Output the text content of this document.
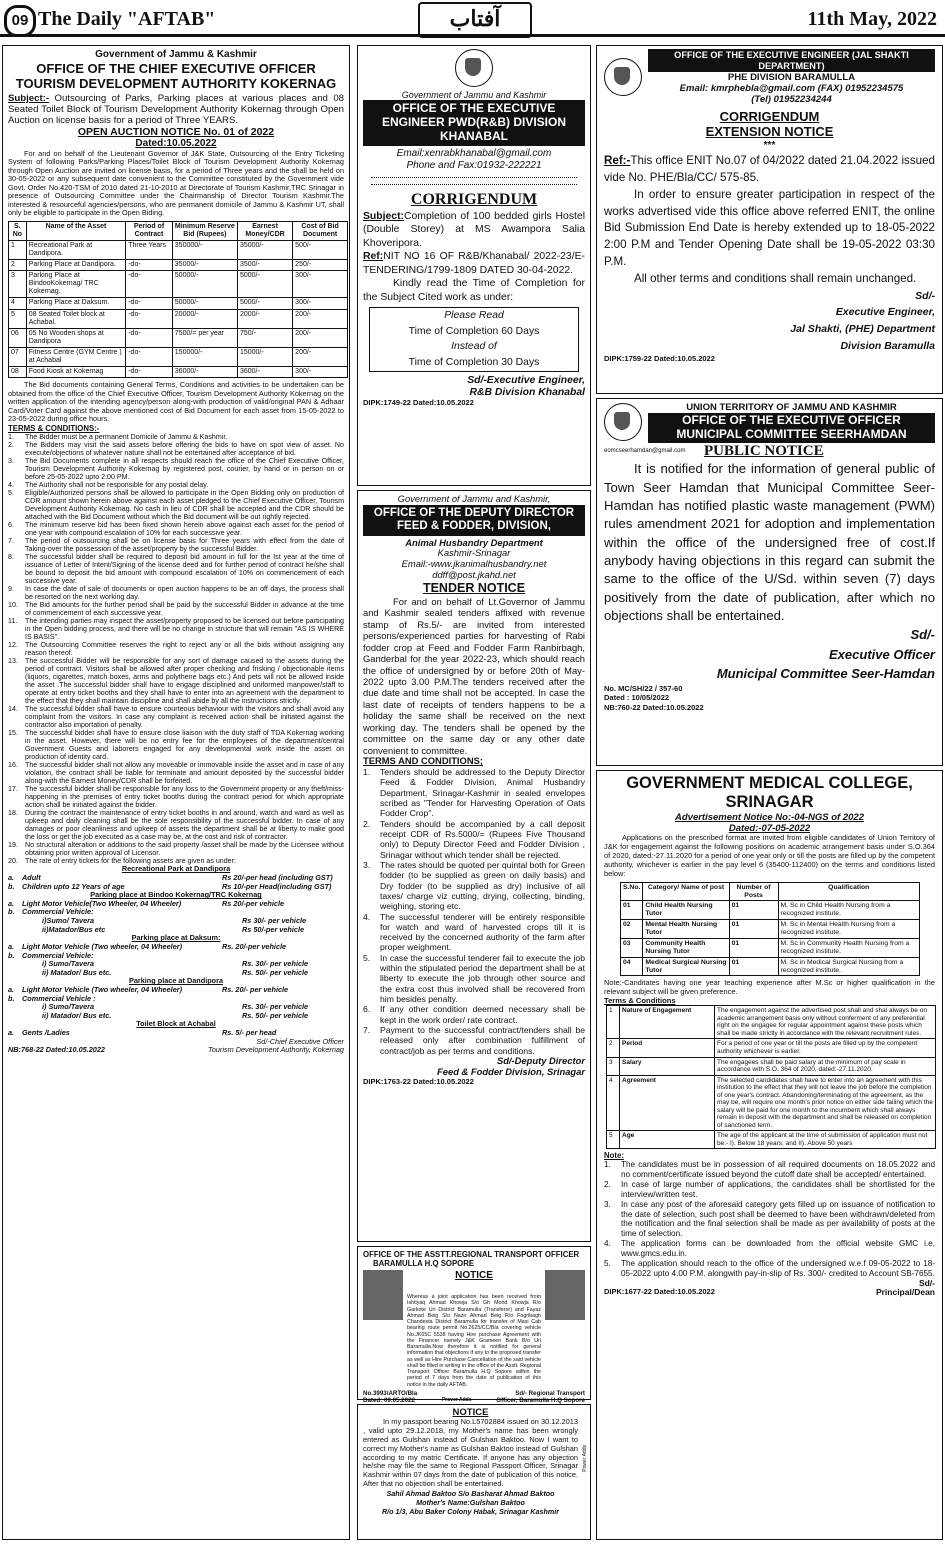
09 The Daily "AFTAB"	آفتاب	11th May, 2022
Government of Jammu & Kashmir
OFFICE OF THE CHIEF EXECUTIVE OFFICER
TOURISM DEVELOPMENT AUTHORITY KOKERNAG

Subject:- Outsourcing of Parks, Parking places at various places and 08 Seated Toilet Block of Tourism Development Authority Kokernag through Open Auction on license basis for a period of Three YEARS.

OPEN AUCTION NOTICE No. 01 of 2022
Dated:10.05.2022

For and on behalf of the Lieutenant Governor of J&K State, Outsourcing of the Entry Ticketing System of following Parks/Parking Places/Toilet Block of Tourism Development Authority Kokernag through Open Auction are invited on license basis, for a period of Three years and the shall be held on 30-05-2022 or any subsequent date convenient to the Committee constituted by the Government vide Govt. Order No.420-TSM of 2010 dated 21-10-2010 at Directorate of Tourism Kashmir,TRC Srinagar in presence of Outsourcing Committee under the Chairmanship of Director Tourism Kashmir.The interested & resourceful agencies/persons, who are permanent domicile of Jammu & Kashmir UT, shall only be eligible to participate in the Open Biding.

S. No	Name of the Asset	Period of Contract	Minimum Reserve Bid (Rupees)	Earnest Money/CDR	Cost of Bid Document
1	Recreational Park at Dandipora.	Three Years	350000/-	35000/-	500/-
2	Parking Place at Dandipora.	-do-	35000/-	3500/-	250/-
3	Parking Place at BindooKokernag/ TRC Kokernag.	-do-	50000/-	5000/-	300/-
4	Parking Place at Daksum.	-do-	50000/-	5000/-	300/-
5	08 Seated Toilet block at Achabal.	-do-	20000/-	2000/-	200/-
06	05 No Wooden shops at Dandipora	-do-	7500/= per year	750/-	200/-
07	Fitness Centre (GYM Centre ) at Achabal	-do-	150000/-	15000/-	200/-
08	Food Kiosk at Kokernag	-do-	36000/-	3600/-	300/-

The Bid documents containing General Terms, Conditions and activities to be undertaken can be obtained from the office of the Chief Executive Officer, Tourism Development Authority Kokernag on the written application of the intending agency/person along-with production of valid/original PAN & Adhaar Card/Voter Card against the above mentioned cost of Bid Document for each asset from 15-05-2022 to 23-05-2022 during office hours.

TERMS & CONDITIONS:-
1.	The Bidder must be a permanent Domicile of Jammu & Kashmir.
2.	The Bidders may visit the said assets before offering the bids to have on spot view of asset. No execute/objections of whatever nature shall not be entertained after acceptance of bid.
3.	The Bid Documents complete in all respects should reach the office of the Chief Executive Officer, Tourism Development Authority Kokernag by registered post, courier, by hand or in person on or before 25-05-2022 upto 2:00 PM.
4.	The Authority shall not be responsible for any postal delay.
5.	Eligible/Authorized persons shall be allowed to participate in the Open Bidding only on production of CDR amount shown herein above against each asset pledged to the Chief Executive Officer, Tourism Development Authority Kokernag. No cash in lieu of CDR shall be accepted and the CDR should be attached with the Bid Document without which the Bid document will be out rightly rejected.
6.	The minimum reserve bid has been fixed shown herein above against each asset for the period of one year with compound escalation of 10% for each successive year.
7.	The period of outsourcing shall be on license basis for Three years with effect from the date of Taking-over the possession of the asset/property by the successful Bidder.
8.	The successful bidder shall be required to deposit bid amount in full for the Ist year at the time of issuance of Letter of Intent/Signing of the license deed and for further period of contract he/she shall be bound to deposit the bid amount with compound escalation of 10% on commencement of each successive year.
9.	In case the date of sale of documents or open auction happens to be an off days, the process shall be resorted on the next working day.
10.	The Bid amounts for the further period shall be paid by the successful Bidder in advance at the time of commencement of each successive year.
11.	The intending parties may inspect the asset/property proposed to be licensed out before participating in the Open bidding process, and there will be no change in structure that will remain "AS IS WHERE IS BASIS".
12.	The Outsourcing Committee reserves the right to reject any or all the bids without assigning any reason thereof.
13.	The successful Bidder will be responsible for any sort of damage caused to the assets during the period of contract. Visitors shall be allowed after proper checking and frisking / objectionable items (liquors, cigarettes, match boxes, arms and polythene bags etc.) And pets will not be allowed inside the asset .The successful bidder shall have to engage disciplined and uniformed manpower/staff to operate at entry ticket booths and they shall have to enter into an agreement with the department to the effect that they shall maintain discipline and shall abide by all the instructions strictly.
14.	The successful bidder shall have to ensure courteous behaviour with the visitors and shall avoid any complaint from the visitors. In case any complaint is received action shall be initiated against the contractor also importation of penalty.
15.	The successful bidder shall have to ensure close liaison with the duty staff of TDA Kokernag working in the asset. However, there will be no entry fee for the employees of the department/central Government Guests and laborers engaged for any developmental work inside the asset on production of identity card.
16.	The successful bidder shall not allow any moveable or immovable inside the asset and in case of any violation, the contract shall be liable for terminate and amount deposited by the successful bidder along-with the Earnest Money/CDR shall be forfeited.
17.	The successful bidder shall be responsible for any loss to the Government property or any theft/miss-happening in the premises of entry ticket booths during the contract period for which appropriate action shall be initiated against the bidder.
18.	During the contract the maintenance of entry ticket booths in and around, watch and ward as well as upkeep and daily cleaning shall be the sole responsibility of the successful bidder. In case of any damages or poor cleanliness and upkeep of assets the department shall be at liberty to make good the loss or get the job executed as a case may be, at the cost and risk of contractor.
19.	No structural alteration or additions to the said property /asset shall be made by the Licensee without obtaining prior written approval of Licensor.
20.	The rate of entry tickets for the following assets are given as under:
Recreational Park at Dandipora
a.	Adult	Rs 20/-per head (including GST)
b.	Children upto 12 Years of age	Rs 10/-per Head(including GST)
Parking place at Bindoo Kokernag/TRC Kokernag
a.	Light Motor Vehicle(Two Wheeler, 04 Wheeler)	Rs 20/-per vehicle
b.	Commercial Vehicle:
i)Sumo/ Tavera	Rs 30/- per vehicle
ii)Matador/Bus etc	Rs 50/-per vehicle
Parking place at Daksum:
a.	Light Motor Vehicle (Two wheeler, 04 Wheeler)	Rs. 20/-per vehicle
b.	Commercial Vehicle:
i) Sumo/Tavera	Rs. 30/- per vehicle
ii) Matador/ Bus etc.	Rs. 50/- per vehicle
Parking place at Dandipora
a.	Light Motor Vehicle (Two wheeler, 04 Wheeler)	Rs. 20/- per vehicle
b.	Commercial Vehicle :
i) Sumo/Tavera	Rs. 30/- per vehicle
ii) Matador/ Bus etc.	Rs. 50/- per vehicle
Toilet Block at Achabal
a.	Gents /Ladies	Rs. 5/- per head
Sd/-Chief Executive Officer
NB:768-22 Dated:10.05.2022	Tourism Development Authority, Kokernag
Government of Jammu and Kashmir
OFFICE OF THE EXECUTIVE ENGINEER PWD(R&B) DIVISION KHANABAL
Email:xenrabkhanabal@gmail.com
Phone and Fax:01932-222221
CORRIGENDUM

Subject:Completion of 100 bedded girls Hostel (Double Storey) at MS Awampora Salia Khoveripora.

Ref:NIT NO 16 OF R&B/Khanabal/ 2022-23/E-TENDERING/1799-1809 DATED 30-04-2022.

Kindly read the Time of Completion for the Subject Cited work as under:

Please Read
Time of Completion 60 Days
Instead of
Time of Completion 30 Days
Sd/-Executive Engineer,
R&B Division Khanabal
DIPK:1749-22 Dated:10.05.2022
Government of Jammu and Kashmir,
OFFICE OF THE DEPUTY DIRECTOR FEED & FODDER, DIVISION,
Animal Husbandry Department
Kashmir-Srinagar
Email:-www.jkanimalhusbandry.net
ddff@post.jkahd.net
TENDER NOTICE

For and on behalf of Lt.Governor of Jammu and Kashmir sealed tenders affixed with revenue stamp of Rs.5/- are invited from interested persons/experienced parties for harvesting of Rabi fodder crop at Feed and Fodder Farm Ranbirbagh, Ganderbal for the year 2022-23, which should reach the office of undersigned by or before 20th of May-2022 upto 3.00 P.M.The tenders received after the due date and time shall not be accepted. In case the last date of receipts of tenders happens to be a holiday the same shall be received on the next working day. The tenders shall be opened by the committee on the same day or any other date convenient to committee.

TERMS AND CONDITIONS;
1.	Tenders should be addressed to the Deputy Director Feed & Fodder Division, Animal Husbandry Department, Srinagar-Kashmir in sealed envelopes scribed as "Tender for Harvesting Operation of Oats Fodder Crop".
2.	Tenders should be accompanied by a call deposit receipt CDR of Rs.5000/= (Rupees Five Thousand only) to Deputy Director Feed and Fodder Division , Srinagar without which tender shall be rejected.
3.	The rates should be quoted per quintal both for Green fodder (to be supplied as green on daily basis) and Dry fodder (to be supplied as dry) inclusive of all taxes/ charge viz cutting, drying, collecting, binding, weighing, storing etc.
4.	The successful tenderer will be entirely responsible for watch and ward of harvested crops till it is received by the concerned authority of the farm after proper weighment.
5.	In case the successful tenderer fail to execute the job within the stipulated period the department shall be at liberty to execute the job through other source and the extra cost thus involved shall be recovered from him besides penalty.
6.	If any other condition deemed necessary shall be kept in the work order/ rate contract.
7.	Payment to the successful contract/tenders shall be released only after combination fulfillment of contract/job as per terms and conditions.
Sd/-Deputy Director
Feed & Fodder Division, Srinagar
DIPK:1763-22 Dated:10.05.2022
OFFICE OF THE ASSTT.REGIONAL TRANSPORT OFFICER
BARAMULLA H.Q SOPORE
NOTICE

Whereas a joint application has been received from Ishtiyaq Ahmad Khowja S/o Gh Mohd Khowja R/o Garkote Uri District Baramulla (Transferor) and Fayaz Ahmad Beig S/o Nazir Ahmad Beig R/o Fogribagh Chandesta District Baramulla for transfer of Maxi Cab bearing route permit No.2625/CC/Bla covering vehicle No.JK05C 5538 having Hire purchase Agreement with the Financer namely J&K Grameen Bank B/o Uri Baramulla.Now therefore it is notified for general information that objections if any to the proposed transfer as well as Hire Purchase Cancellation of the said vehicle shall be filled in writing in the office of the Asstt. Regional Transport Officer Baramulla H.Q Sopore within the period of 7 days from the date of publication of this notice in the daily AFTAB.

No.3993/ARTO/Bla
Dated: 09.05.2022	Prover Adds
Sd/- Regional Transport
Officer, Baramulla H.Q Sopore
NOTICE

In my passport bearing No.L5702884 issued on 30.12.2013 , valid upto 29.12.2018, my Mother's name has been wrongly entered as Gulshan instead of Gulshan Baktoo. Now I want to correct my Mother's name as Gulshan Baktoo instead of Gulshan according to my matric Certificate. If anyone has any objection he/she may file the same to Regional Passport Officer, Srinagar Kashmir within 07 days from the date of publication of this notice. After that no objection shall be entertained.

Sahil Ahmad Baktoo S/o Basharat Ahmad Baktoo
Mother's Name:Gulshan Baktoo
R/o 1/3, Abu Baker Colony Habak, Srinagar Kashmir
Power Adds
OFFICE OF THE EXECUTIVE ENGINEER (JAL SHAKTI DEPARTMENT)
PHE DIVISION BARAMULLA
Email: kmrphebla@gmail.com (FAX) 01952234575
(Tel) 01952234244
CORRIGENDUM
EXTENSION NOTICE
***

Ref:-This office ENIT No.07 of 04/2022 dated 21.04.2022 issued vide No. PHE/Bla/CC/ 575-85.

In order to ensure greater participation in respect of the works advertised vide this office above referred ENIT, the online Bid Submission End Date is hereby extended up to 18-05-2022 2:00 P.M and Tender Opening Date shall be 19-05-2022 03:30 P.M.

All other terms and conditions shall remain unchanged.

Sd/-
Executive Engineer,
Jal Shakti, (PHE) Department
Division Baramulla
DIPK:1759-22 Dated:10.05.2022
UNION TERRITORY OF JAMMU AND KASHMIR
OFFICE OF THE EXECUTIVE OFFICER MUNICIPAL COMMITTEE SEERHAMDAN
eomcseerhamdan@gmail.com	PUBLIC NOTICE

It is notified for the information of general public of Town Seer Hamdan that Municipal Committee Seer-Hamdan has notified plastic waste management (PWM) rules amendment 2021 for adoption and implementation within the office of the undersigned free of cost.If anybody having objections in this regard can submit the same to the office of the U/Sd. within seven (7) days positively from the date of publication, after which no objections shall be entertained.

Sd/-
Executive Officer
Municipal Committee Seer-Hamdan
No. MC/SH/22 / 357-60
Dated : 10/05/2022
NB:760-22 Dated:10.05.2022
GOVERNMENT MEDICAL COLLEGE, SRINAGAR
Advertisement Notice No:-04-NGS of 2022
Dated:-07-05-2022

Applications on the prescribed format are invited from eligible candidates of Union Territory of J&K for engagement against the following positions on academic arrangement basis under S.O.364 of 2020, dated:-27.11.2020 for a period of one year only or till the posts are filled up by the competent authority, whichever is earlier in the pay level 6 (35400-112400) on the terms and conditions listed below:

S.No.	Category/ Name of post	Number of Posts	Qualification
01	Child Health Nursing Tutor	01	M. Sc in Child Health Nursing from a recognized institute.
02	Mental Health Nursing Tutor	01	M. Sc in Mental Health Nursing from a recognized institute.
03	Community Health Nursing Tutor	01	M. Sc in Community Health Nursing from a recognized institute.
04	Medical Surgical Nursing Tutor	01	M. Sc in Medical Surgical Nursing from a recognized institute.

Note:-Canditates having one year teaching experience after M.Sc or higher qualification in the relevant subject will be given preference.

Terms & Conditions
1	Nature of Engagement	The engagement against the advertised post shall and shal always be on academic arrangement basis only without conferment of any preferential right on the engagee for regular appointment against these posts which shall be made strictly in accordance with the relevant recruitment rules.
2	Period	For a period of one year or till the posts are filled up by the competent authority whichever is earlier.
3	Salary	The engagees shall be paid salary at the minimum of pay scale in accordance with S.O. 364 of 2020, dated:-27.11.2020.
4	Agreement	The selected candidates shall have to enter into an agreement with this institution to the effect that they will not leave the job before the completion of one year's contract. Abandoning/terminating of the agreement, as the may be, will require one month's prior notice on either side failing which the salary will be paid for one month to the incumbent which shall always remain in deposit with the department and shall be released on completion of sanctioned term.
5	Age	The age of the applicant at the time of submission of application must not be:- I). Below 18 years; and II). Above 50 years
Note:
1.	The candidates must be in possession of all required documents on 18.05.2022 and no comment/certificate issued beyond the cutoff date shall be accepted/ entertained.
2.	In case of large number of applications, the candidates shall be shortlisted for the interview/written test.
3.	In case any post of the aforesaid category gets filled up on issuance of notification to the date of selection, such post shall be deemed to have been withdrawn/deleted from the notification and the final selection shall be made as per availability of posts at the time of selection.
4.	The application forms can be downloaded from the official website GMC i.e, www.gmcs.edu.in.
5.	The application should reach to the office of the undersigned w.e.f 09-05-2022 to 18-05-2022 upto 4.00 P.M. alongwith pay-in-slip of Rs. 300/- credited to Account SB-7655.
Sd/-
DIPK:1677-22 Dated:10.05.2022	Principal/Dean
